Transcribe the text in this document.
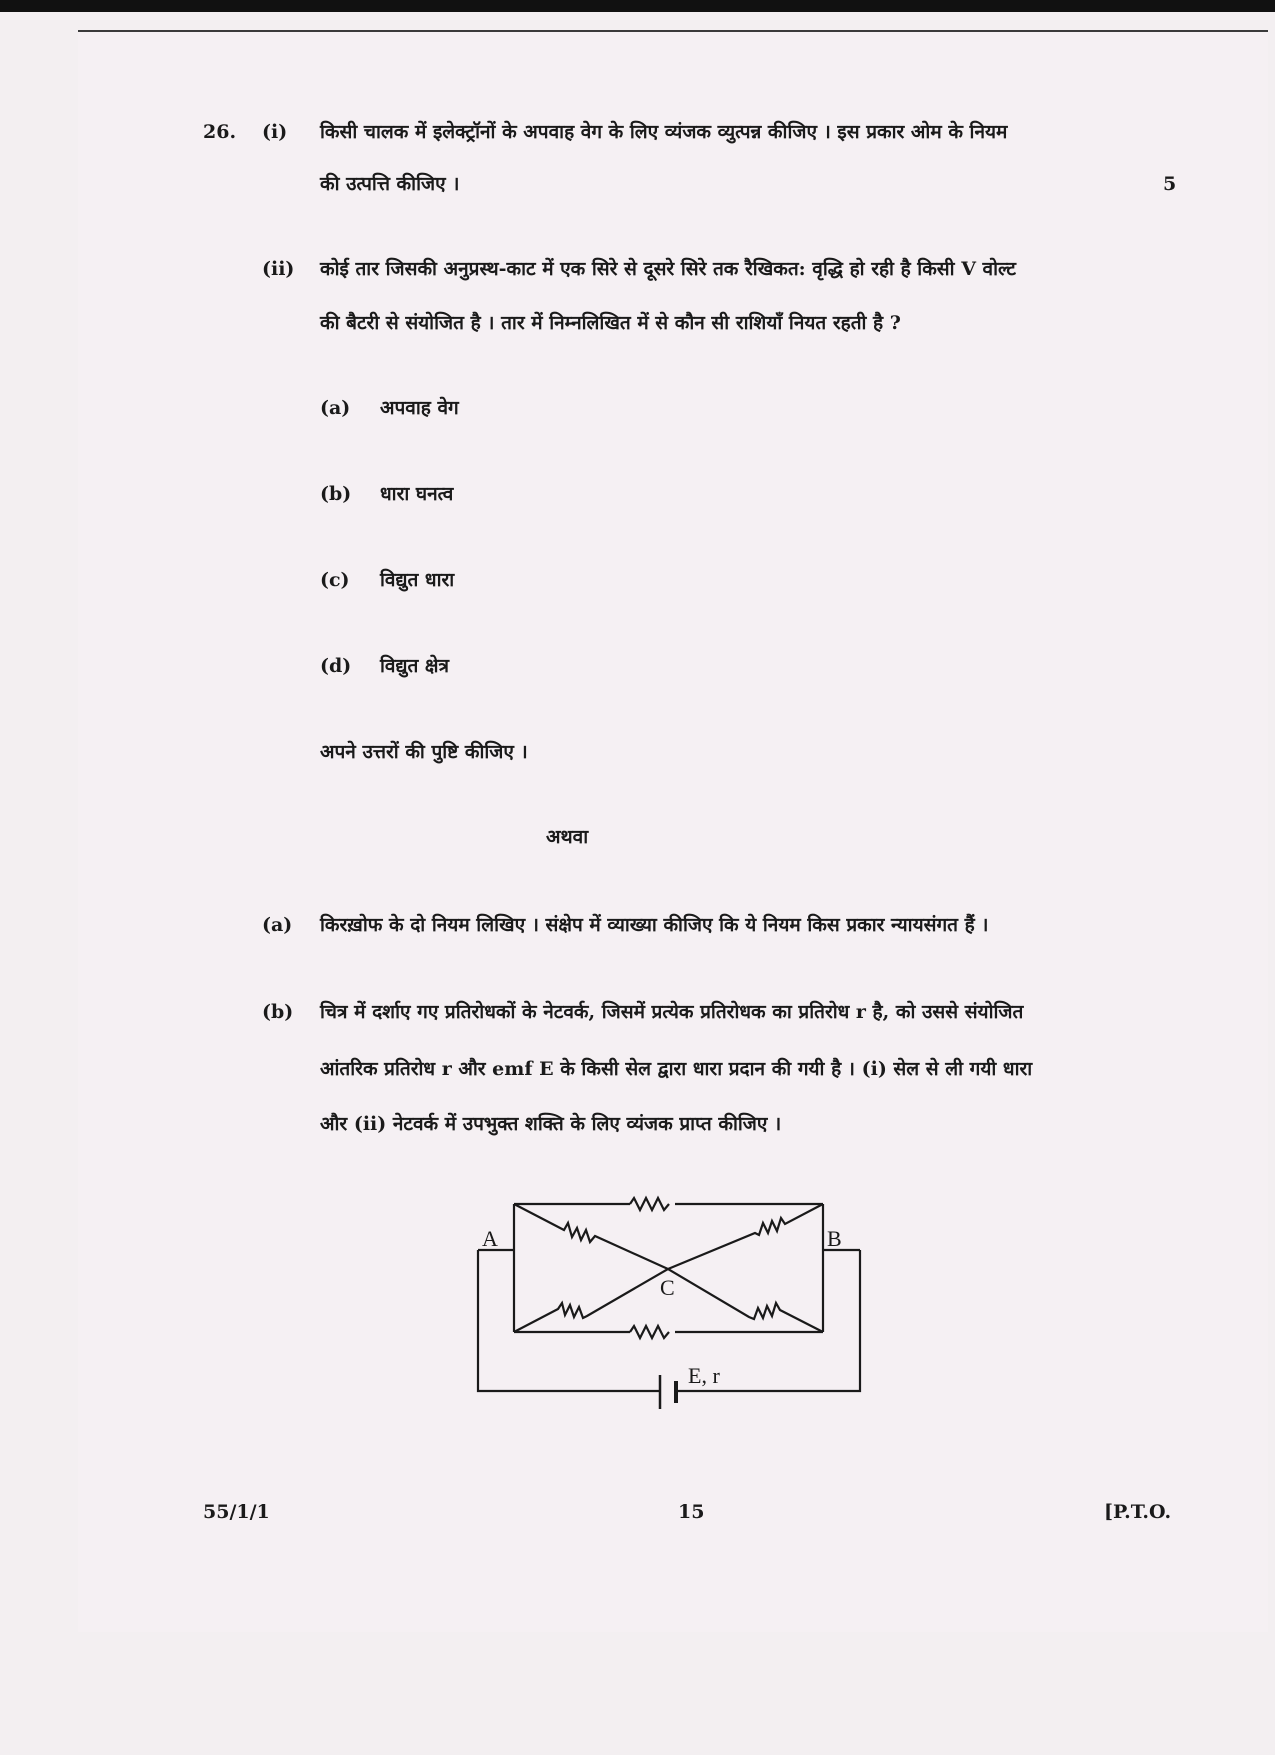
26. (i) किसी चालक में इलेक्ट्रॉनों के अपवाह वेग के लिए व्यंजक व्युत्पन्न कीजिए । इस प्रकार ओम के नियम
की उत्पत्ति कीजिए ।	5
(ii) कोई तार जिसकी अनुप्रस्थ-काट में एक सिरे से दूसरे सिरे तक रैखिकत: वृद्धि हो रही है किसी V वोल्ट
की बैटरी से संयोजित है । तार में निम्नलिखित में से कौन सी राशियाँ नियत रहती है ?
(a) अपवाह वेग
(b) धारा घनत्व
(c) विद्युत धारा
(d) विद्युत क्षेत्र
अपने उत्तरों की पुष्टि कीजिए ।
अथवा
(a) किरख़ोफ के दो नियम लिखिए । संक्षेप में व्याख्या कीजिए कि ये नियम किस प्रकार न्यायसंगत हैं ।
(b) चित्र में दर्शाए गए प्रतिरोधकों के नेटवर्क, जिसमें प्रत्येक प्रतिरोधक का प्रतिरोध r है, को उससे संयोजित
आंतरिक प्रतिरोध r और emf E के किसी सेल द्वारा धारा प्रदान की गयी है । (i) सेल से ली गयी धारा
और (ii) नेटवर्क में उपभुक्त शक्ति के लिए व्यंजक प्राप्त कीजिए ।
A	B
C
E, r
55/1/1	15	[P.T.O.
